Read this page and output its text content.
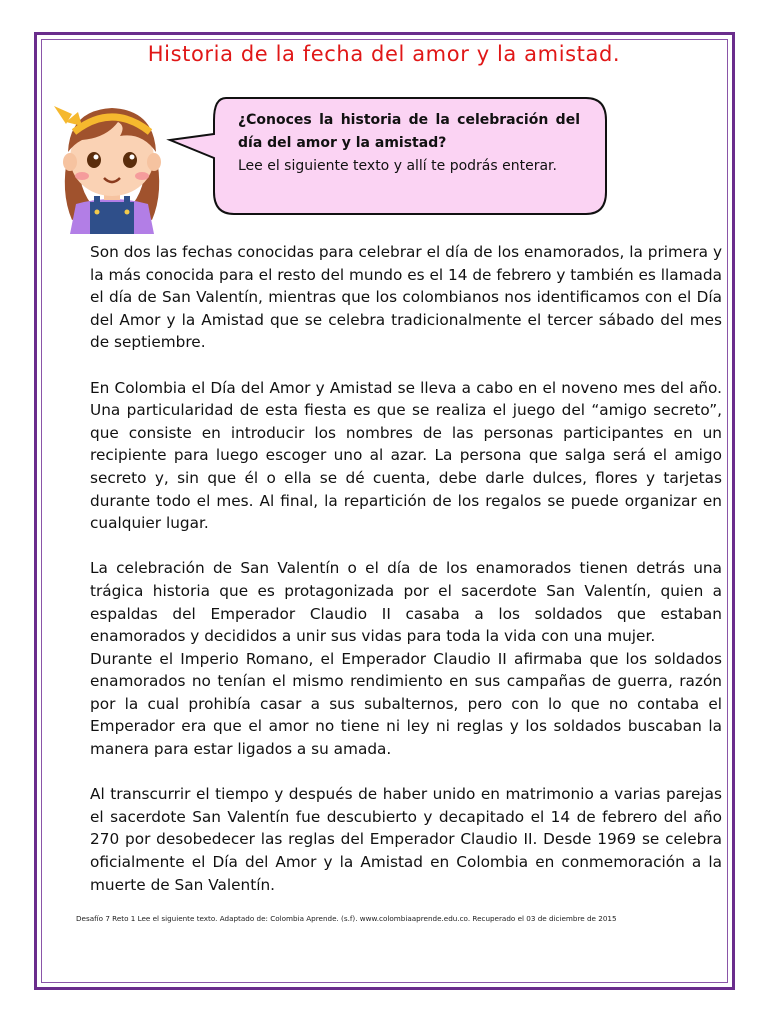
Historia de la fecha del amor y la amistad.
¿Conoces la historia de la celebración del día del amor y la amistad?
Lee el siguiente texto y allí te podrás enterar.

Son dos las fechas conocidas para celebrar el día de los enamorados, la primera y la más conocida para el resto del mundo es el 14 de febrero y también es llamada el día de San Valentín, mientras que los colombianos nos identificamos con el Día del Amor y la Amistad que se celebra tradicionalmente el tercer sábado del mes de septiembre.

En Colombia el Día del Amor y Amistad se lleva a cabo en el noveno mes del año. Una particularidad de esta fiesta es que se realiza el juego del “amigo secreto”, que consiste en introducir los nombres de las personas participantes en un recipiente para luego escoger uno al azar. La persona que salga será el amigo secreto y, sin que él o ella se dé cuenta, debe darle dulces, flores y tarjetas durante todo el mes. Al final, la repartición de los regalos se puede organizar en cualquier lugar.

La celebración de San Valentín o el día de los enamorados tienen detrás una trágica historia que es protagonizada por el sacerdote San Valentín, quien a espaldas del Emperador Claudio II casaba a los soldados que estaban enamorados y decididos a unir sus vidas para toda la vida con una mujer.

Durante el Imperio Romano, el Emperador Claudio II afirmaba que los soldados enamorados no tenían el mismo rendimiento en sus campañas de guerra, razón por la cual prohibía casar a sus subalternos, pero con lo que no contaba el Emperador era que el amor no tiene ni ley ni reglas y los soldados buscaban la manera para estar ligados a su amada.

Al transcurrir el tiempo y después de haber unido en matrimonio a varias parejas el sacerdote San Valentín fue descubierto y decapitado el 14 de febrero del año 270 por desobedecer las reglas del Emperador Claudio II. Desde 1969 se celebra oficialmente el Día del Amor y la Amistad en Colombia en conmemoración a la muerte de San Valentín.

Desafío 7 Reto 1 Lee el siguiente texto. Adaptado de: Colombia Aprende. (s.f). www.colombiaaprende.edu.co. Recuperado el 03 de diciembre de 2015
